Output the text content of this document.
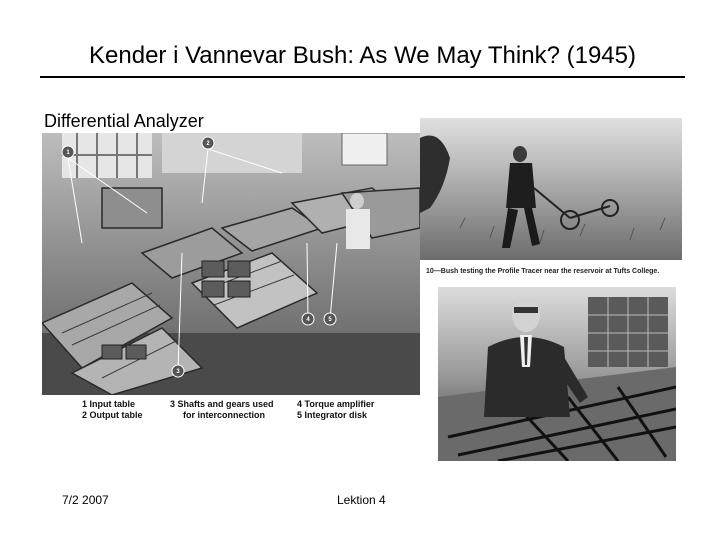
Kender i Vannevar Bush: As We May Think? (1945)
Differential Analyzer
1
2
3
4	5
1 Input table
2 Output table
3 Shafts and gears used
for interconnection
4 Torque amplifier
5 Integrator disk
10—Bush testing the Profile Tracer near the reservoir at Tufts College.
7/2 2007	Lektion 4
